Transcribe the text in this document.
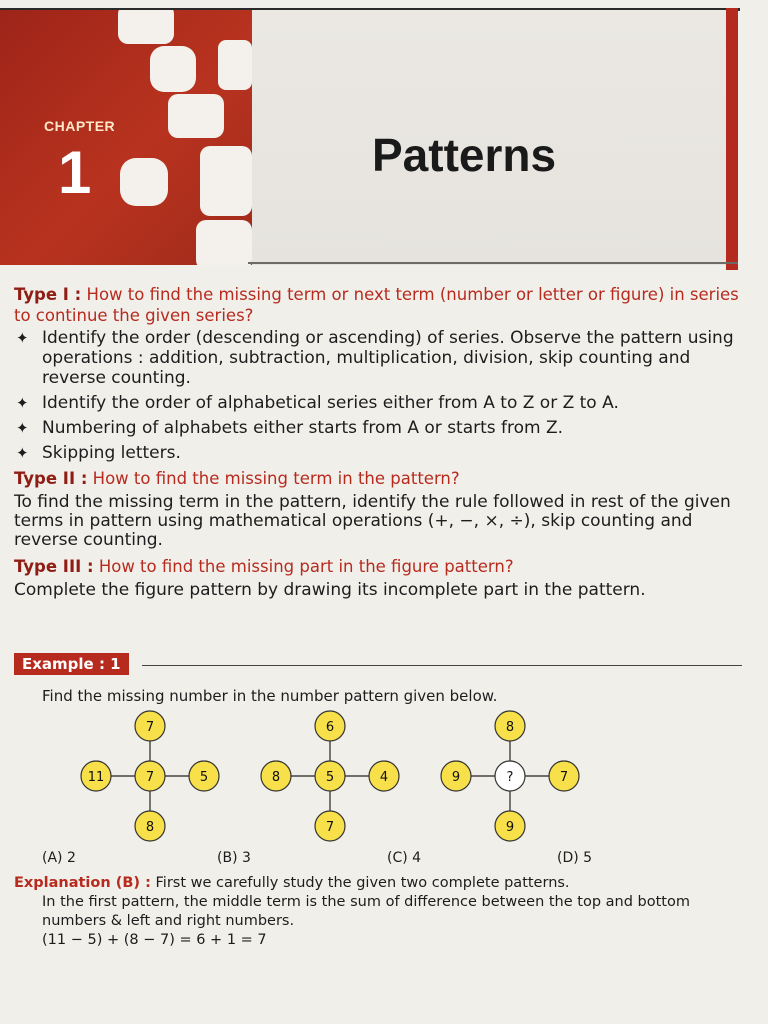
CHAPTER
1	Patterns

Type I : How to find the missing term or next term (number or letter or figure) in series to continue the given series?

✦ Identify the order (descending or ascending) of series. Observe the pattern using operations : addition, subtraction, multiplication, division, skip counting and reverse counting.
✦ Identify the order of alphabetical series either from A to Z or Z to A.
✦ Numbering of alphabets either starts from A or starts from Z.
✦ Skipping letters.

Type II : How to find the missing term in the pattern?

To find the missing term in the pattern, identify the rule followed in rest of the given terms in pattern using mathematical operations (+, −, ×, ÷), skip counting and reverse counting.

Type III : How to find the missing part in the figure pattern?

Complete the figure pattern by drawing its incomplete part in the pattern.

Example : 1
Find the missing number in the number pattern given below.
7
11	7	5
8
6
8	5	4
7
8
9	?	7
9
(A) 2	(B) 3	(C) 4	(D) 5

Explanation (B) : First we carefully study the given two complete patterns.

In the first pattern, the middle term is the sum of difference between the top and bottom numbers & left and right numbers.

(11 − 5) + (8 − 7) = 6 + 1 = 7
